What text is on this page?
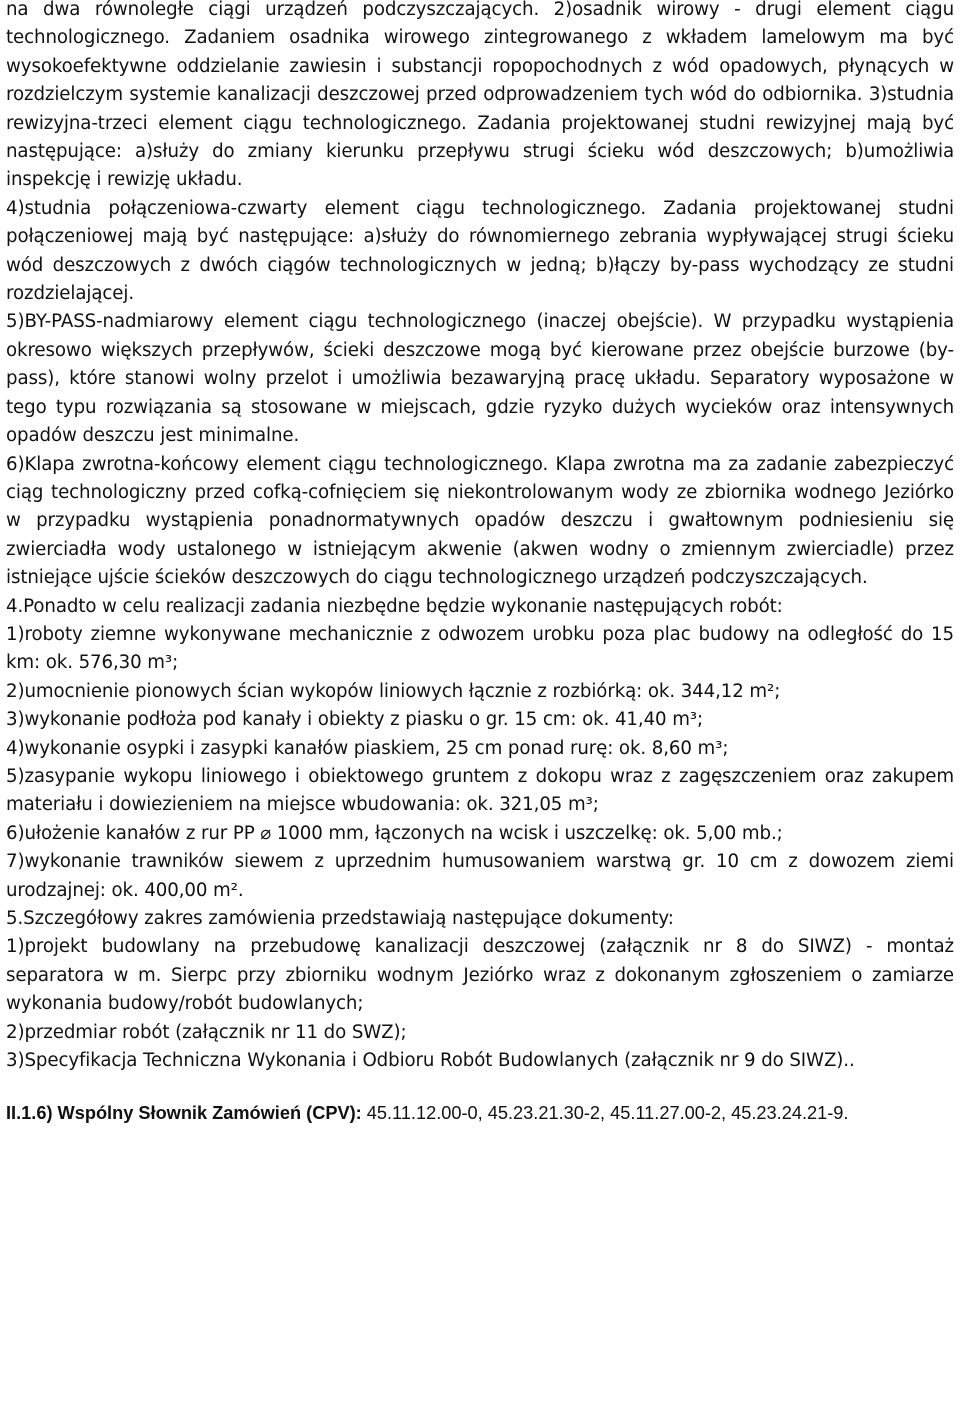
na dwa równoległe ciągi urządzeń podczyszczających. 2)osadnik wirowy - drugi element ciągu technologicznego. Zadaniem osadnika wirowego zintegrowanego z wkładem lamelowym ma być wysokoefektywne oddzielanie zawiesin i substancji ropopochodnych z wód opadowych, płynących w rozdzielczym systemie kanalizacji deszczowej przed odprowadzeniem tych wód do odbiornika. 3)studnia rewizyjna-trzeci element ciągu technologicznego. Zadania projektowanej studni rewizyjnej mają być następujące: a)służy do zmiany kierunku przepływu strugi ścieku wód deszczowych; b)umożliwia inspekcję i rewizję układu.

4)studnia połączeniowa-czwarty element ciągu technologicznego. Zadania projektowanej studni połączeniowej mają być następujące: a)służy do równomiernego zebrania wypływającej strugi ścieku wód deszczowych z dwóch ciągów technologicznych w jedną; b)łączy by-pass wychodzący ze studni rozdzielającej.

5)BY-PASS-nadmiarowy element ciągu technologicznego (inaczej obejście). W przypadku wystąpienia okresowo większych przepływów, ścieki deszczowe mogą być kierowane przez obejście burzowe (by-pass), które stanowi wolny przelot i umożliwia bezawaryjną pracę układu. Separatory wyposażone w tego typu rozwiązania są stosowane w miejscach, gdzie ryzyko dużych wycieków oraz intensywnych opadów deszczu jest minimalne.

6)Klapa zwrotna-końcowy element ciągu technologicznego. Klapa zwrotna ma za zadanie zabezpieczyć ciąg technologiczny przed cofką-cofnięciem się niekontrolowanym wody ze zbiornika wodnego Jeziórko w przypadku wystąpienia ponadnormatywnych opadów deszczu i gwałtownym podniesieniu się zwierciadła wody ustalonego w istniejącym akwenie (akwen wodny o zmiennym zwierciadle) przez istniejące ujście ścieków deszczowych do ciągu technologicznego urządzeń podczyszczających.

4.Ponadto w celu realizacji zadania niezbędne będzie wykonanie następujących robót:

1)roboty ziemne wykonywane mechanicznie z odwozem urobku poza plac budowy na odległość do 15 km: ok. 576,30 m³;

2)umocnienie pionowych ścian wykopów liniowych łącznie z rozbiórką: ok. 344,12 m²;

3)wykonanie podłoża pod kanały i obiekty z piasku o gr. 15 cm: ok. 41,40 m³;

4)wykonanie osypki i zasypki kanałów piaskiem, 25 cm ponad rurę: ok. 8,60 m³;

5)zasypanie wykopu liniowego i obiektowego gruntem z dokopu wraz z zagęszczeniem oraz zakupem materiału i dowiezieniem na miejsce wbudowania: ok. 321,05 m³;

6)ułożenie kanałów z rur PP ⌀ 1000 mm, łączonych na wcisk i uszczelkę: ok. 5,00 mb.;

7)wykonanie trawników siewem z uprzednim humusowaniem warstwą gr. 10 cm z dowozem ziemi urodzajnej: ok. 400,00 m².

5.Szczegółowy zakres zamówienia przedstawiają następujące dokumenty:

1)projekt budowlany na przebudowę kanalizacji deszczowej (załącznik nr 8 do SIWZ) - montaż separatora w m. Sierpc przy zbiorniku wodnym Jeziórko wraz z dokonanym zgłoszeniem o zamiarze wykonania budowy/robót budowlanych;

2)przedmiar robót (załącznik nr 11 do SWZ);

3)Specyfikacja Techniczna Wykonania i Odbioru Robót Budowlanych (załącznik nr 9 do SIWZ)..

II.1.6) Wspólny Słownik Zamówień (CPV): 45.11.12.00-0, 45.23.21.30-2, 45.11.27.00-2, 45.23.24.21-9.
